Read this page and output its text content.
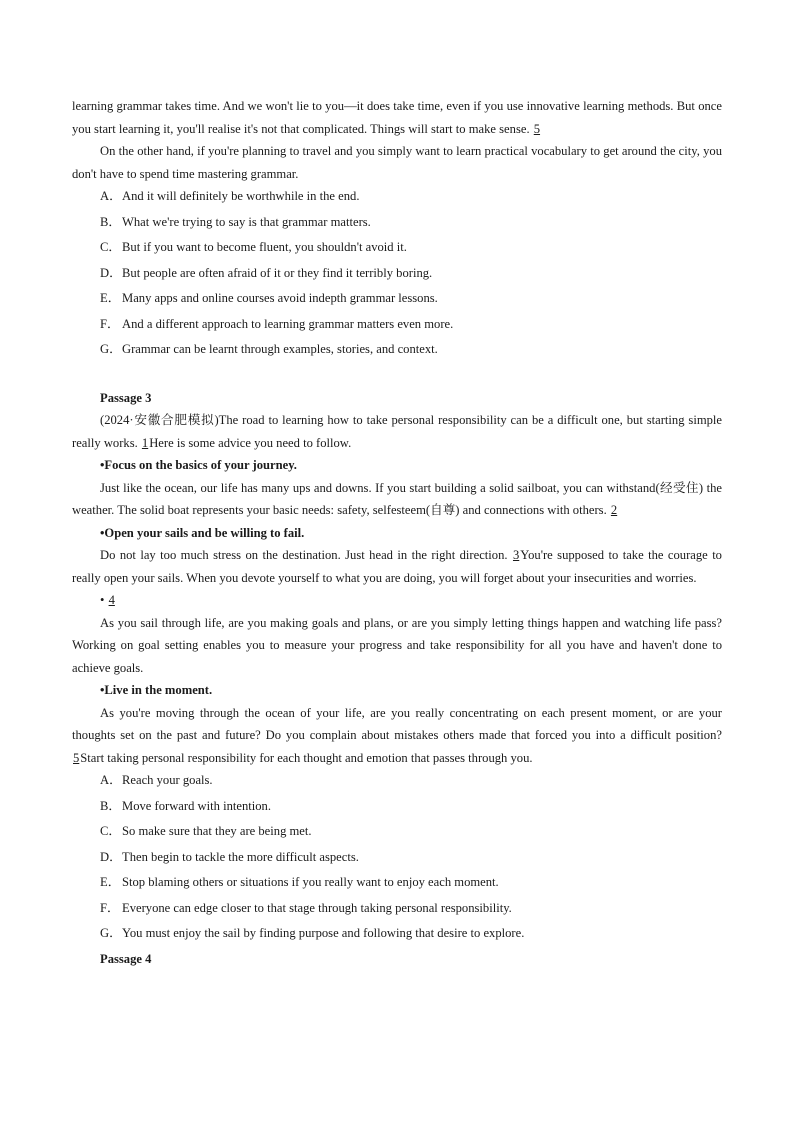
learning grammar takes time. And we won't lie to you—it does take time, even if you use innovative learning methods. But once you start learning it, you'll realise it's not that complicated. Things will start to make sense. 5

On the other hand, if you're planning to travel and you simply want to learn practical vocabulary to get around the city, you don't have to spend time mastering grammar.

A．And it will definitely be worthwhile in the end.

B．What we're trying to say is that grammar matters.

C．But if you want to become fluent, you shouldn't avoid it.

D．But people are often afraid of it or they find it terribly boring.

E． Many apps and online courses avoid indepth grammar lessons.

F． And a different approach to learning grammar matters even more.

G．Grammar can be learnt through examples, stories, and context.

Passage 3

(2024·安徽合肥模拟)The road to learning how to take personal responsibility can be a difficult one, but starting simple really works. 1Here is some advice you need to follow.

•Focus on the basics of your journey.

Just like the ocean, our life has many ups and downs. If you start building a solid sailboat, you can withstand(经受住) the weather. The solid boat represents your basic needs: safety, selfesteem(自尊) and connections with others. 2

•Open your sails and be willing to fail.

Do not lay too much stress on the destination. Just head in the right direction. 3You're supposed to take the courage to really open your sails. When you devote yourself to what you are doing, you will forget about your insecurities and worries.

• 4

As you sail through life, are you making goals and plans, or are you simply letting things happen and watching life pass? Working on goal setting enables you to measure your progress and take responsibility for all you have and haven't done to achieve goals.

•Live in the moment.

As you're moving through the ocean of your life, are you really concentrating on each present moment, or are your thoughts set on the past and future? Do you complain about mistakes others made that forced you into a difficult position? 5Start taking personal responsibility for each thought and emotion that passes through you.

A．Reach your goals.

B．Move forward with intention.

C．So make sure that they are being met.

D．Then begin to tackle the more difficult aspects.

E． Stop blaming others or situations if you really want to enjoy each moment.

F． Everyone can edge closer to that stage through taking personal responsibility.

G．You must enjoy the sail by finding purpose and following that desire to explore.

Passage 4
